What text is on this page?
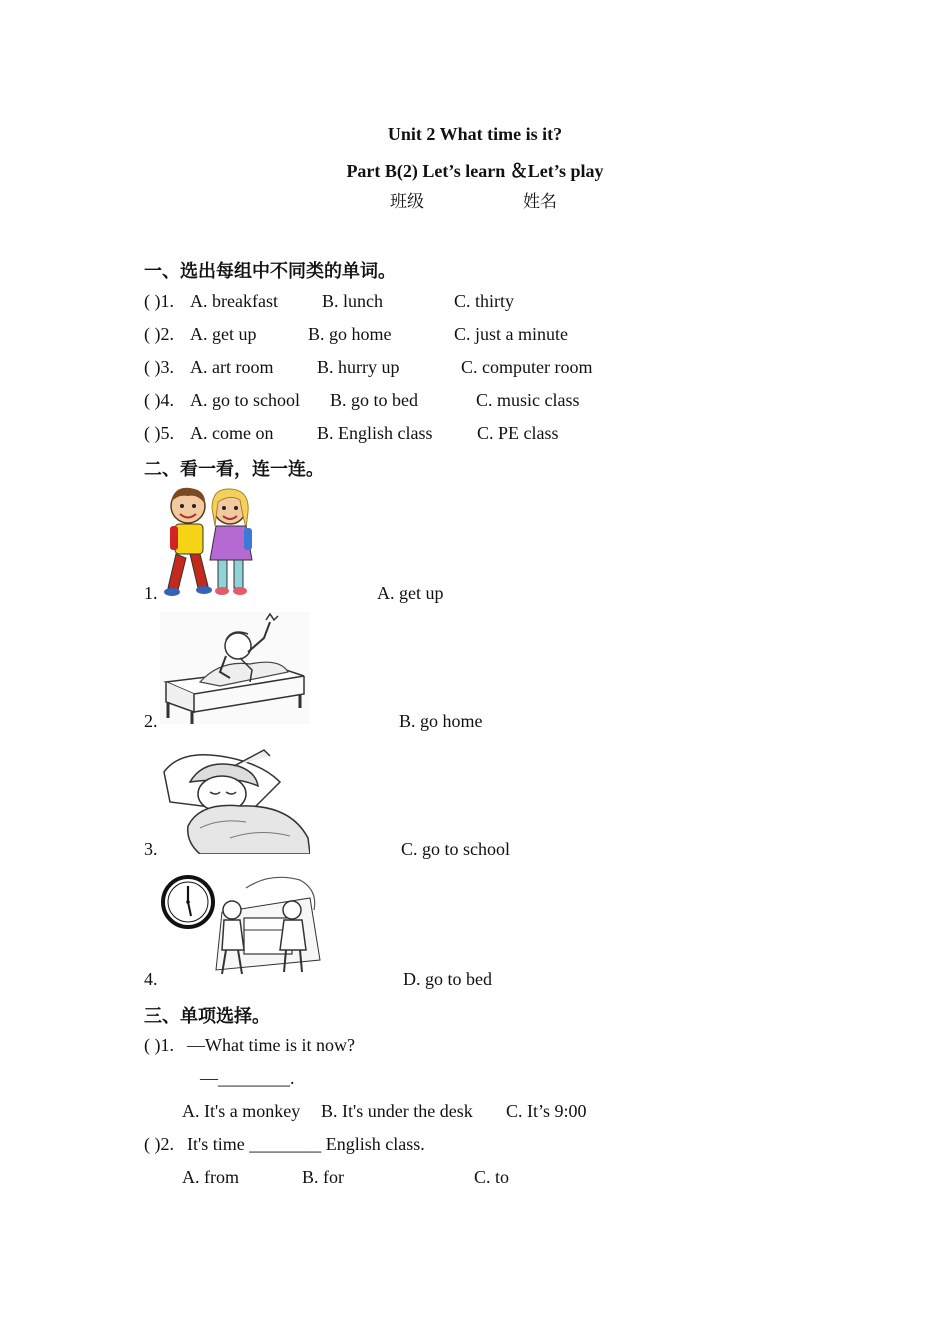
Unit 2 What time is it?
Part B(2) Let’s learn ＆Let’s play
班级	姓名
一、选出每组中不同类的单词。
( )1. A. breakfast B. lunch	C. thirty
( )2. A. get up	B. go home	C. just a minute
( )3. A. art room B. hurry up	C. computer room
( )4. A. go to school B. go to bed	C. music class
( )5. A. come on B. English class C. PE class
二、看一看，连一连。
1.	A. get up
2.	B. go home
3.	C. go to school
4.	D. go to bed
三、单项选择。
( )1. —What time is it now?
—________.
A. It's a monkey B. It's under the desk C. It’s 9:00
( )2. It's time ________ English class.
A. from	B. for	C. to
